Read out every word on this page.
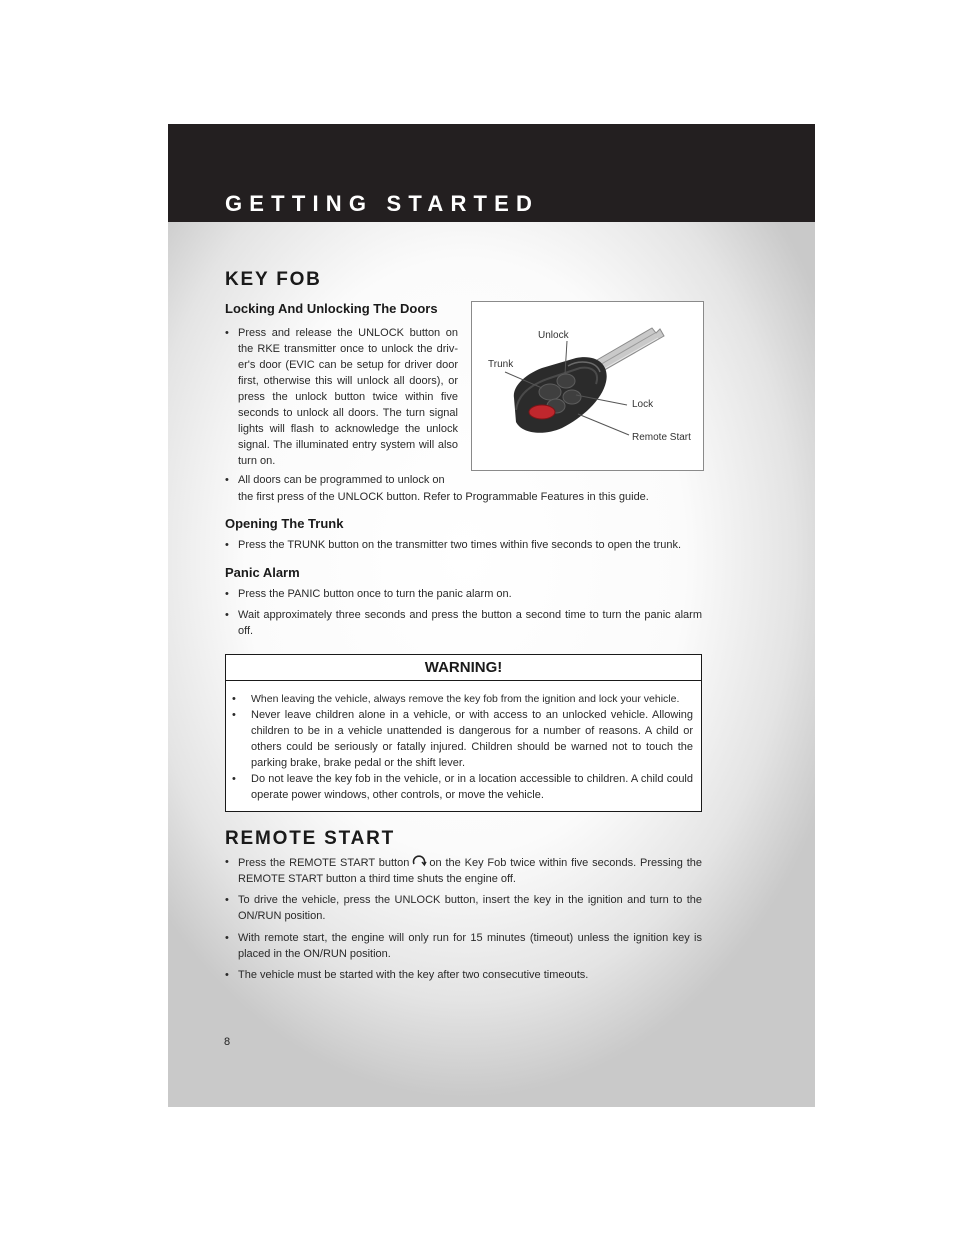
GETTING STARTED
KEY FOB
Locking And Unlocking The Doors
• Press and release the UNLOCK button on the RKE transmitter once to unlock the driv-er's door (EVIC can be setup for driver door first, otherwise this will unlock all doors), or press the unlock button twice within five seconds to unlock all doors. The turn signal lights will flash to acknowledge the unlock signal. The illuminated entry system will also turn on.
• All doors can be programmed to unlock on
the first press of the UNLOCK button. Refer to Programmable Features in this guide.
Unlock
Trunk
Lock
Remote Start
Opening The Trunk
• Press the TRUNK button on the transmitter two times within five seconds to open the trunk.
Panic Alarm
• Press the PANIC button once to turn the panic alarm on.
• Wait approximately three seconds and press the button a second time to turn the panic alarm off.
WARNING!
•	When leaving the vehicle, always remove the key fob from the ignition and lock your vehicle.
•	Never leave children alone in a vehicle, or with access to an unlocked vehicle. Allowing children to be in a vehicle unattended is dangerous for a number of reasons. A child or others could be seriously or fatally injured. Children should be warned not to touch the parking brake, brake pedal or the shift lever.
•	Do not leave the key fob in the vehicle, or in a location accessible to children. A child could operate power windows, other controls, or move the vehicle.
REMOTE START
• Press the REMOTE START button on the Key Fob twice within five seconds. Pressing the REMOTE START button a third time shuts the engine off.
• To drive the vehicle, press the UNLOCK button, insert the key in the ignition and turn to the ON/RUN position.
• With remote start, the engine will only run for 15 minutes (timeout) unless the ignition key is placed in the ON/RUN position.
• The vehicle must be started with the key after two consecutive timeouts.
8
